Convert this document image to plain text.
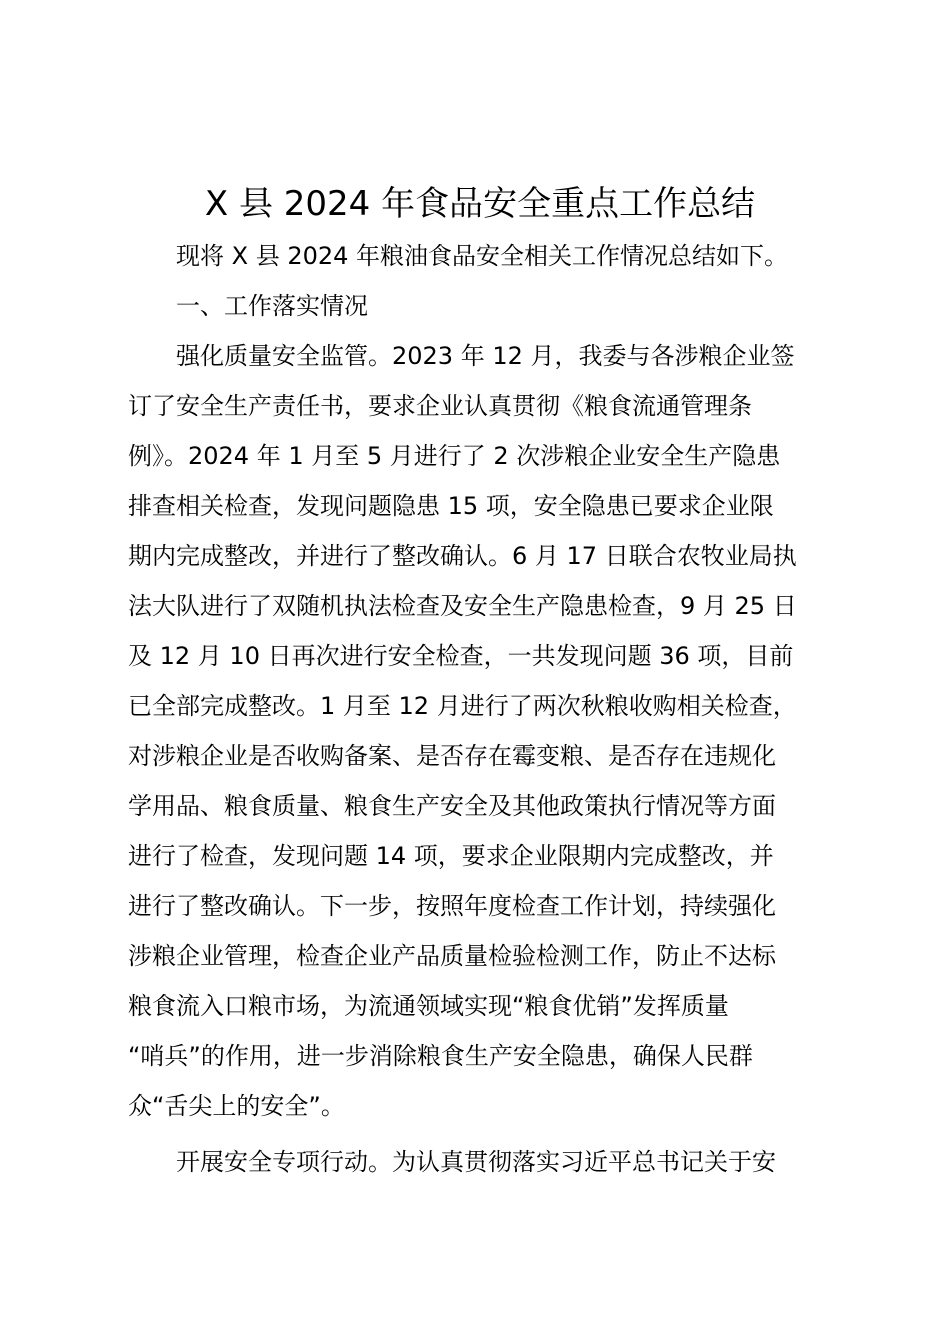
X 县 2024 年食品安全重点工作总结
现将 X 县 2024 年粮油食品安全相关工作情况总结如下。
一、工作落实情况
强化质量安全监管。2023 年 12 月，我委与各涉粮企业签
订了安全生产责任书，要求企业认真贯彻《粮食流通管理条
例》。2024 年 1 月至 5 月进行了 2 次涉粮企业安全生产隐患
排查相关检查，发现问题隐患 15 项，安全隐患已要求企业限
期内完成整改，并进行了整改确认。6 月 17 日联合农牧业局执
法大队进行了双随机执法检查及安全生产隐患检查，9 月 25 日
及 12 月 10 日再次进行安全检查，一共发现问题 36 项，目前
已全部完成整改。1 月至 12 月进行了两次秋粮收购相关检查，
对涉粮企业是否收购备案、是否存在霉变粮、是否存在违规化
学用品、粮食质量、粮食生产安全及其他政策执行情况等方面
进行了检查，发现问题 14 项，要求企业限期内完成整改，并
进行了整改确认。下一步，按照年度检查工作计划，持续强化
涉粮企业管理，检查企业产品质量检验检测工作，防止不达标
粮食流入口粮市场，为流通领域实现“粮食优销”发挥质量
“哨兵”的作用，进一步消除粮食生产安全隐患，确保人民群
众“舌尖上的安全”。
开展安全专项行动。为认真贯彻落实习近平总书记关于安
